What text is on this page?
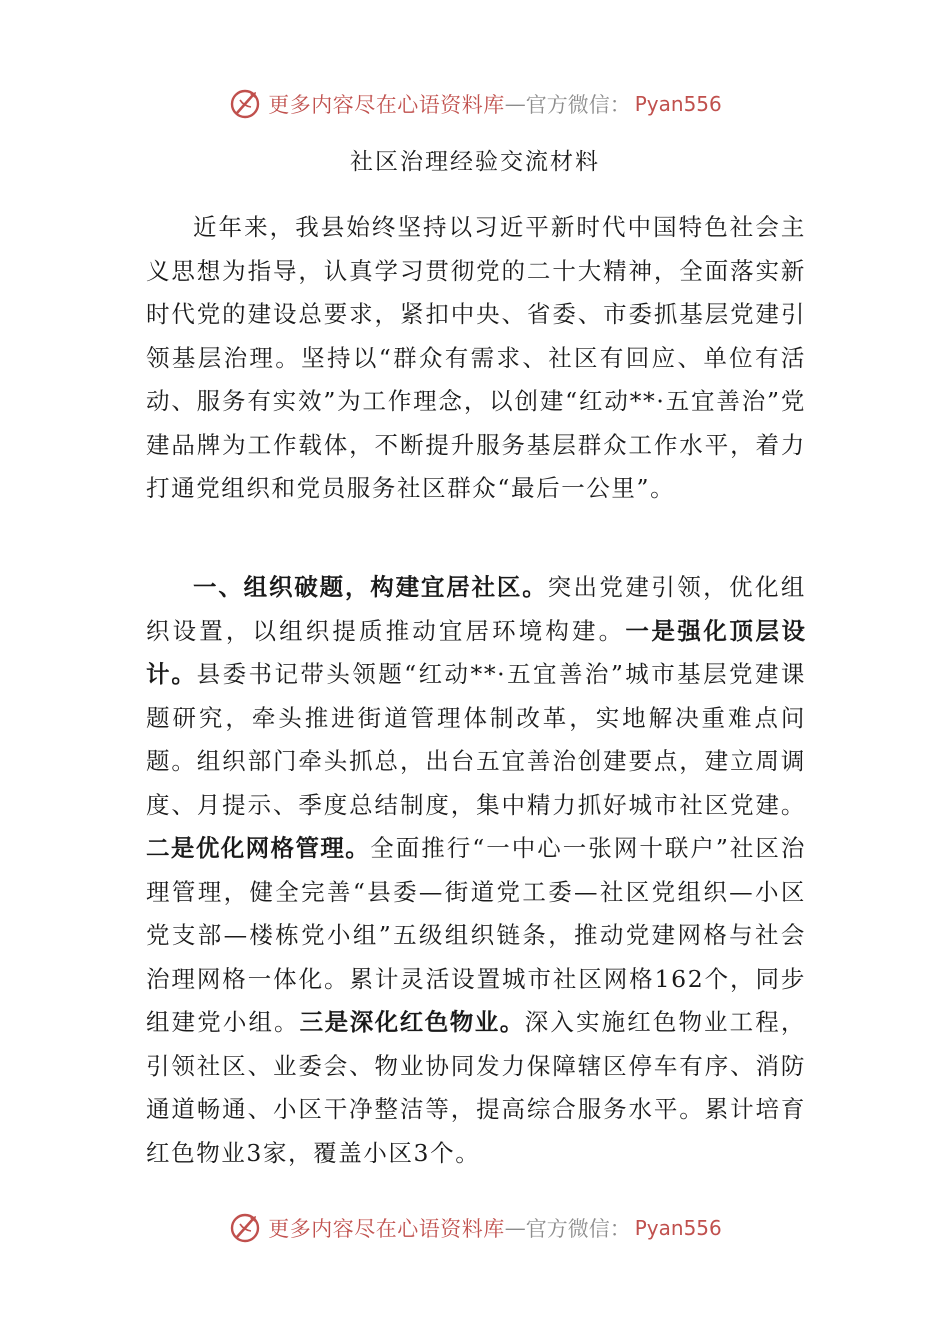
更多内容尽在心语资料库 — 官方微信： Pyan556
社区治理经验交流材料

近年来，我县始终坚持以习近平新时代中国特色社会主义思想为指导，认真学习贯彻党的二十大精神，全面落实新时代党的建设总要求，紧扣中央、省委、市委抓基层党建引领基层治理。坚持以“群众有需求、社区有回应、单位有活动、服务有实效”为工作理念，以创建“红动**·五宜善治”党建品牌为工作载体，不断提升服务基层群众工作水平，着力打通党组织和党员服务社区群众“最后一公里”。

一、组织破题，构建宜居社区。突出党建引领，优化组织设置，以组织提质推动宜居环境构建。一是强化顶层设计。县委书记带头领题“红动**·五宜善治”城市基层党建课题研究，牵头推进街道管理体制改革，实地解决重难点问题。组织部门牵头抓总，出台五宜善治创建要点，建立周调度、月提示、季度总结制度，集中精力抓好城市社区党建。二是优化网格管理。全面推行“一中心一张网十联户”社区治理管理，健全完善“县委—街道党工委—社区党组织—小区党支部—楼栋党小组”五级组织链条，推动党建网格与社会治理网格一体化。累计灵活设置城市社区网格162个，同步组建党小组。三是深化红色物业。深入实施红色物业工程，引领社区、业委会、物业协同发力保障辖区停车有序、消防通道畅通、小区干净整洁等，提高综合服务水平。累计培育红色物业3家，覆盖小区3个。

更多内容尽在心语资料库 — 官方微信： Pyan556
